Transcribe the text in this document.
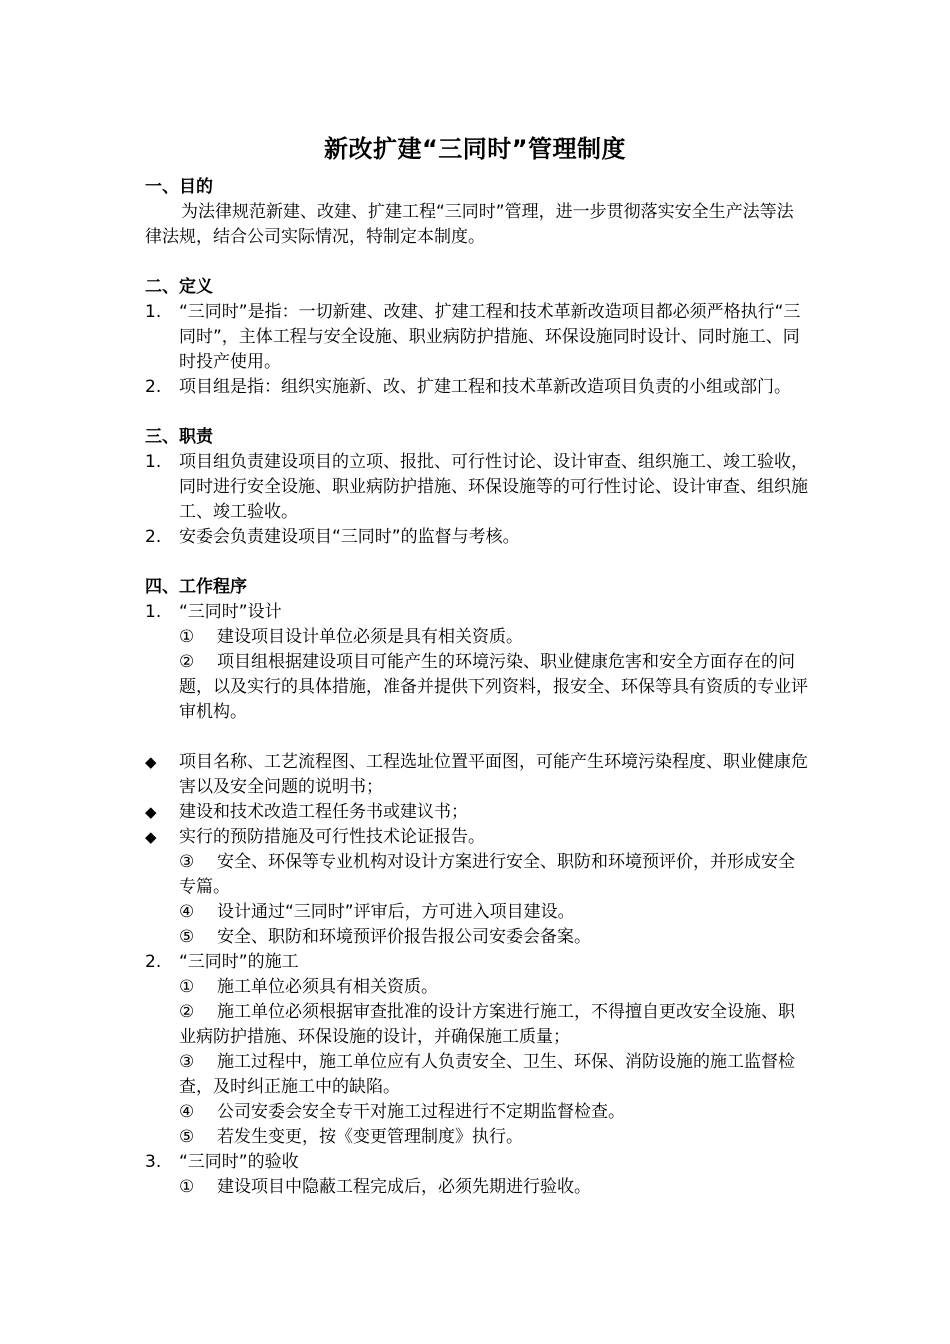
新改扩建“三同时”管理制度
一、目的
为法律规范新建、改建、扩建工程“三同时”管理，进一步贯彻落实安全生产法等法律法规，结合公司实际情况，特制定本制度。
二、定义
1.	“三同时”是指：一切新建、改建、扩建工程和技术革新改造项目都必须严格执行“三同时”，主体工程与安全设施、职业病防护措施、环保设施同时设计、同时施工、同时投产使用。
2.	项目组是指：组织实施新、改、扩建工程和技术革新改造项目负责的小组或部门。
三、职责
1.	项目组负责建设项目的立项、报批、可行性讨论、设计审查、组织施工、竣工验收，同时进行安全设施、职业病防护措施、环保设施等的可行性讨论、设计审查、组织施工、竣工验收。
2.	安委会负责建设项目“三同时”的监督与考核。
四、工作程序
1.	“三同时”设计
① 建设项目设计单位必须是具有相关资质。
② 项目组根据建设项目可能产生的环境污染、职业健康危害和安全方面存在的问题，以及实行的具体措施，准备并提供下列资料，报安全、环保等具有资质的专业评审机构。
◆	项目名称、工艺流程图、工程选址位置平面图，可能产生环境污染程度、职业健康危害以及安全问题的说明书；
◆	建设和技术改造工程任务书或建议书；
◆	实行的预防措施及可行性技术论证报告。
③ 安全、环保等专业机构对设计方案进行安全、职防和环境预评价，并形成安全专篇。
④ 设计通过“三同时”评审后，方可进入项目建设。
⑤ 安全、职防和环境预评价报告报公司安委会备案。
2.	“三同时”的施工
① 施工单位必须具有相关资质。
② 施工单位必须根据审查批准的设计方案进行施工，不得擅自更改安全设施、职业病防护措施、环保设施的设计，并确保施工质量；
③ 施工过程中，施工单位应有人负责安全、卫生、环保、消防设施的施工监督检查，及时纠正施工中的缺陷。
④ 公司安委会安全专干对施工过程进行不定期监督检查。
⑤ 若发生变更，按《变更管理制度》执行。
3.	“三同时”的验收
① 建设项目中隐蔽工程完成后，必须先期进行验收。
